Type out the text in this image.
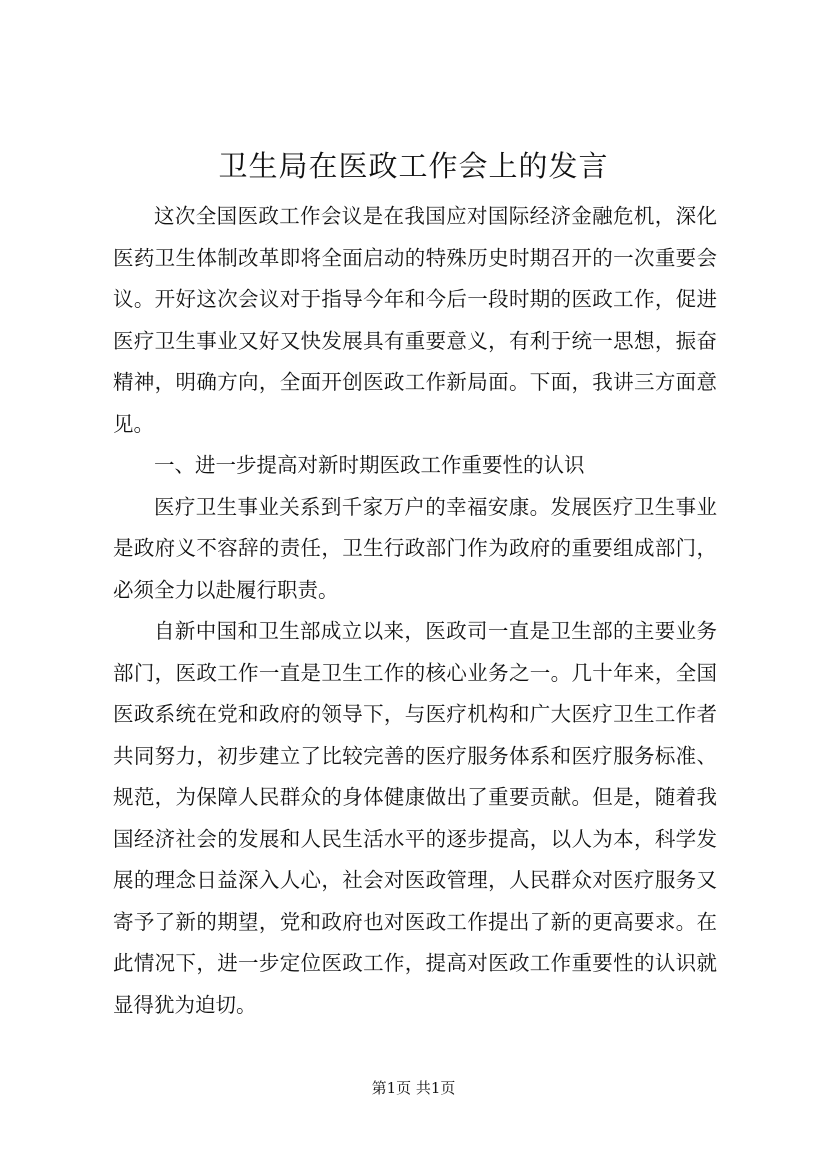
卫生局在医政工作会上的发言

这次全国医政工作会议是在我国应对国际经济金融危机，深化医药卫生体制改革即将全面启动的特殊历史时期召开的一次重要会议。开好这次会议对于指导今年和今后一段时期的医政工作，促进医疗卫生事业又好又快发展具有重要意义，有利于统一思想，振奋精神，明确方向，全面开创医政工作新局面。下面，我讲三方面意见。

一、进一步提高对新时期医政工作重要性的认识

医疗卫生事业关系到千家万户的幸福安康。发展医疗卫生事业是政府义不容辞的责任，卫生行政部门作为政府的重要组成部门，必须全力以赴履行职责。

自新中国和卫生部成立以来，医政司一直是卫生部的主要业务部门，医政工作一直是卫生工作的核心业务之一。几十年来，全国医政系统在党和政府的领导下，与医疗机构和广大医疗卫生工作者共同努力，初步建立了比较完善的医疗服务体系和医疗服务标准、规范，为保障人民群众的身体健康做出了重要贡献。但是，随着我国经济社会的发展和人民生活水平的逐步提高，以人为本，科学发展的理念日益深入人心，社会对医政管理，人民群众对医疗服务又寄予了新的期望，党和政府也对医政工作提出了新的更高要求。在此情况下，进一步定位医政工作，提高对医政工作重要性的认识就显得犹为迫切。

第1页 共1页
